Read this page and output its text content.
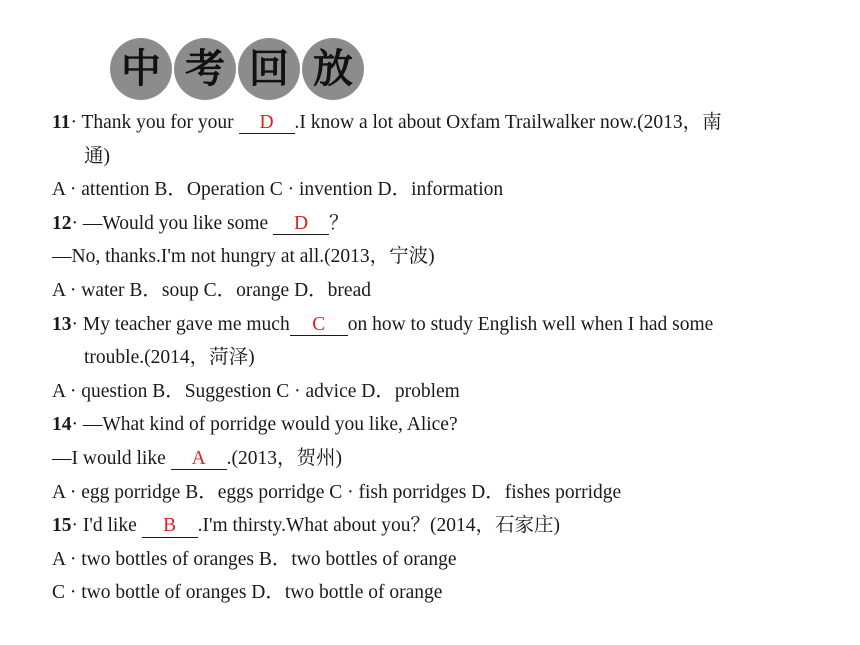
中 考 回 放
11· Thank you for your D .I know a lot about Oxfam Trailwalker now.(2013，南
通)
A · attention B．Operation C · invention D．information
12· —Would you like some D ？
—No, thanks.I'm not hungry at all.(2013，宁波)
A · water B．soup C．orange D．bread
13· My teacher gave me much C on how to study English well when I had some
trouble.(2014，菏泽)
A · question B．Suggestion C · advice D．problem
14· —What kind of porridge would you like, Alice?
—I would like A .(2013，贺州)
A · egg porridge B．eggs porridge C · fish porridges D．fishes porridge
15· I'd like B .I'm thirsty.What about you？(2014，石家庄)
A · two bottles of oranges B．two bottles of orange
C · two bottle of oranges D．two bottle of orange
